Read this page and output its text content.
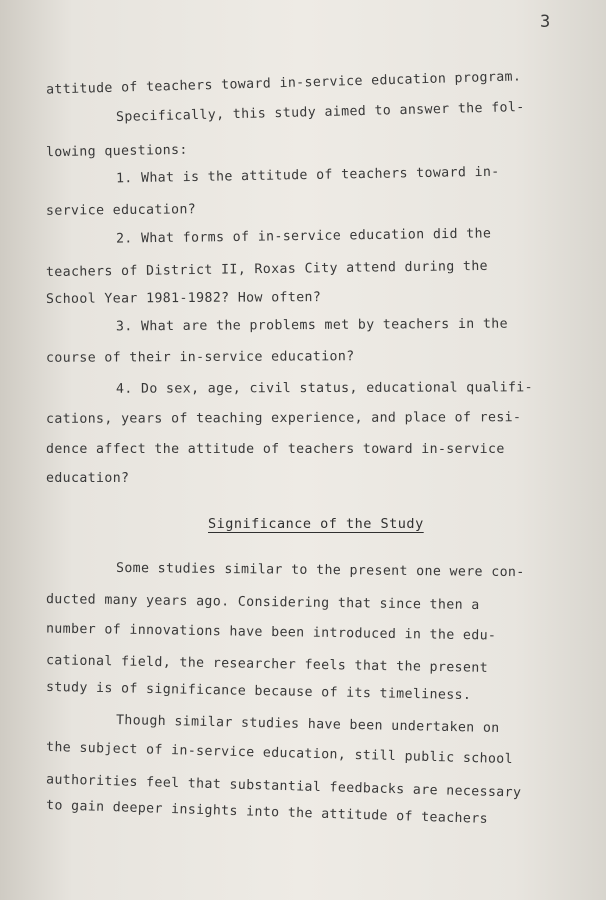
3
attitude of teachers toward in-service education program.
Specifically, this study aimed to answer the fol-
lowing questions:
1. What is the attitude of teachers toward in-
service education?
2. What forms of in-service education did the
teachers of District II, Roxas City attend during the
School Year 1981-1982? How often?
3. What are the problems met by teachers in the
course of their in-service education?
4. Do sex, age, civil status, educational qualifi-
cations, years of teaching experience, and place of resi-
dence affect the attitude of teachers toward in-service
education?
Significance of the Study
Some studies similar to the present one were con-
ducted many years ago. Considering that since then a
number of innovations have been introduced in the edu-
cational field, the researcher feels that the present
study is of significance because of its timeliness.
Though similar studies have been undertaken on
the subject of in-service education, still public school
authorities feel that substantial feedbacks are necessary
to gain deeper insights into the attitude of teachers
